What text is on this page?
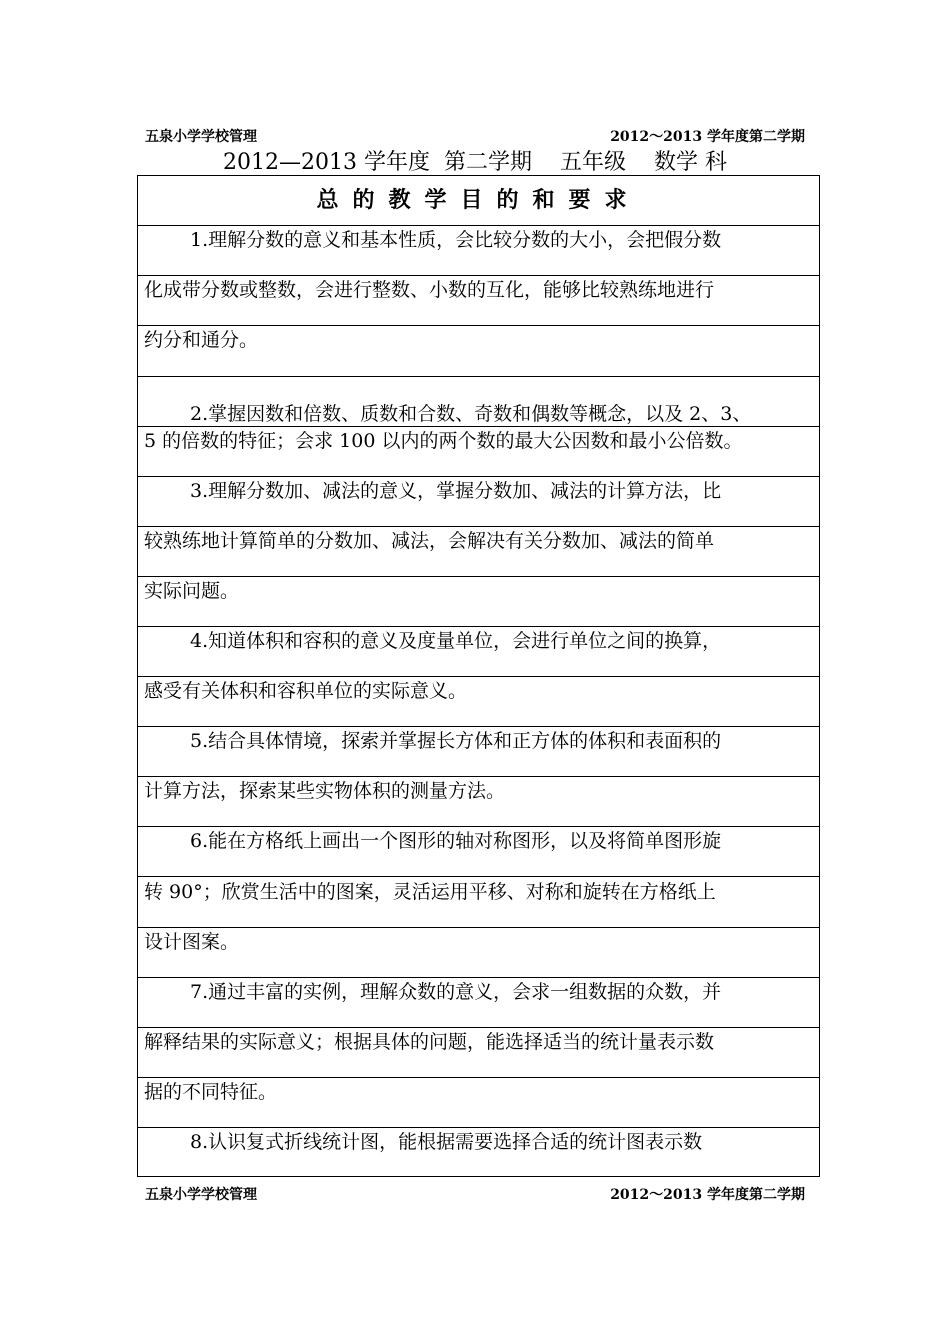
五泉小学学校管理	2012～2013 学年度第二学期
2012—2013 学年度  第二学期    五年级    数学 科
总的教学目的和要求
1.理解分数的意义和基本性质，会比较分数的大小，会把假分数
化成带分数或整数，会进行整数、小数的互化，能够比较熟练地进行
约分和通分。
2.掌握因数和倍数、质数和合数、奇数和偶数等概念，以及 2、3、
5 的倍数的特征；会求 100 以内的两个数的最大公因数和最小公倍数。
3.理解分数加、减法的意义，掌握分数加、减法的计算方法，比
较熟练地计算简单的分数加、减法，会解决有关分数加、减法的简单
实际问题。
4.知道体积和容积的意义及度量单位，会进行单位之间的换算，
感受有关体积和容积单位的实际意义。
5.结合具体情境，探索并掌握长方体和正方体的体积和表面积的
计算方法，探索某些实物体积的测量方法。
6.能在方格纸上画出一个图形的轴对称图形，以及将简单图形旋
转 90°；欣赏生活中的图案，灵活运用平移、对称和旋转在方格纸上
设计图案。
7.通过丰富的实例，理解众数的意义，会求一组数据的众数，并
解释结果的实际意义；根据具体的问题，能选择适当的统计量表示数
据的不同特征。
8.认识复式折线统计图，能根据需要选择合适的统计图表示数
五泉小学学校管理	2012～2013 学年度第二学期
